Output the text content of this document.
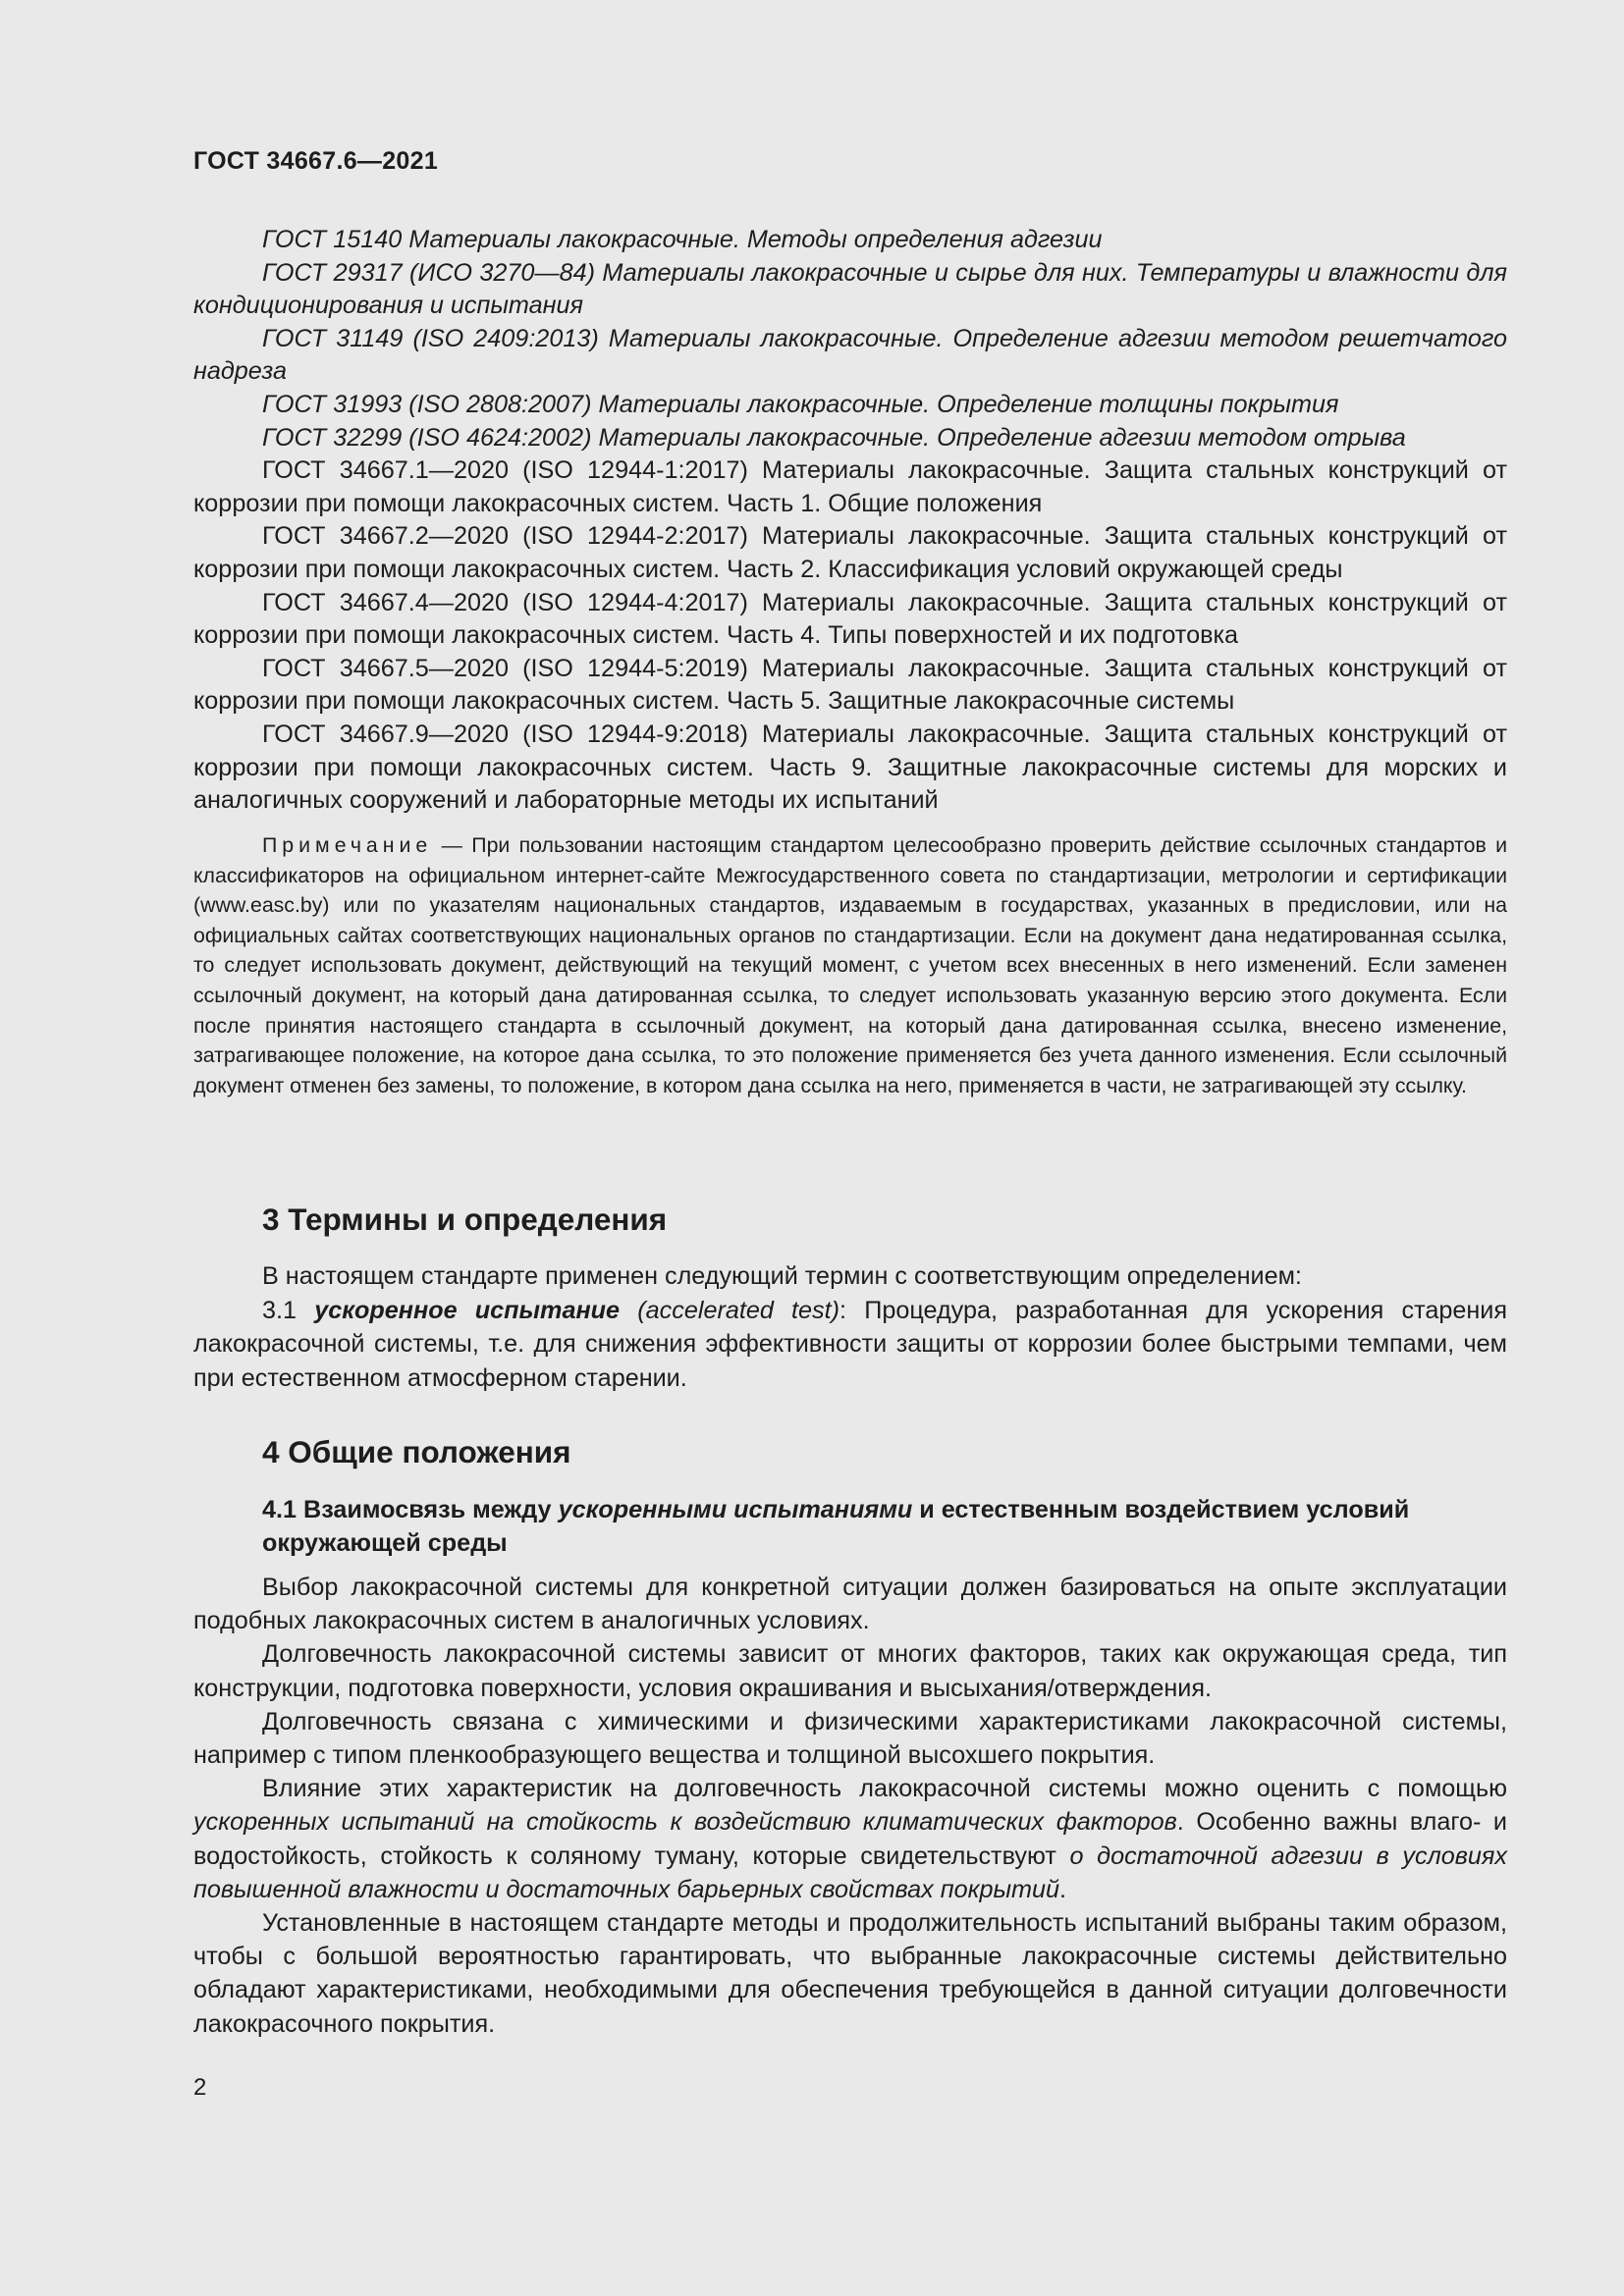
ГОСТ 34667.6—2021

ГОСТ 15140 Материалы лакокрасочные. Методы определения адгезии

ГОСТ 29317 (ИСО 3270—84) Материалы лакокрасочные и сырье для них. Температуры и влажности для кондиционирования и испытания

ГОСТ 31149 (ISO 2409:2013) Материалы лакокрасочные. Определение адгезии методом решетчатого надреза

ГОСТ 31993 (ISO 2808:2007) Материалы лакокрасочные. Определение толщины покрытия

ГОСТ 32299 (ISO 4624:2002) Материалы лакокрасочные. Определение адгезии методом отрыва

ГОСТ 34667.1—2020 (ISO 12944-1:2017) Материалы лакокрасочные. Защита стальных конструкций от коррозии при помощи лакокрасочных систем. Часть 1. Общие положения

ГОСТ 34667.2—2020 (ISO 12944-2:2017) Материалы лакокрасочные. Защита стальных конструкций от коррозии при помощи лакокрасочных систем. Часть 2. Классификация условий окружающей среды

ГОСТ 34667.4—2020 (ISO 12944-4:2017) Материалы лакокрасочные. Защита стальных конструкций от коррозии при помощи лакокрасочных систем. Часть 4. Типы поверхностей и их подготовка

ГОСТ 34667.5—2020 (ISO 12944-5:2019) Материалы лакокрасочные. Защита стальных конструкций от коррозии при помощи лакокрасочных систем. Часть 5. Защитные лакокрасочные системы

ГОСТ 34667.9—2020 (ISO 12944-9:2018) Материалы лакокрасочные. Защита стальных конструкций от коррозии при помощи лакокрасочных систем. Часть 9. Защитные лакокрасочные системы для морских и аналогичных сооружений и лабораторные методы их испытаний

Примечание — При пользовании настоящим стандартом целесообразно проверить действие ссылочных стандартов и классификаторов на официальном интернет-сайте Межгосударственного совета по стандартизации, метрологии и сертификации (www.easc.by) или по указателям национальных стандартов, издаваемым в государствах, указанных в предисловии, или на официальных сайтах соответствующих национальных органов по стандартизации. Если на документ дана недатированная ссылка, то следует использовать документ, действующий на текущий момент, с учетом всех внесенных в него изменений. Если заменен ссылочный документ, на который дана датированная ссылка, то следует использовать указанную версию этого документа. Если после принятия настоящего стандарта в ссылочный документ, на который дана датированная ссылка, внесено изменение, затрагивающее положение, на которое дана ссылка, то это положение применяется без учета данного изменения. Если ссылочный документ отменен без замены, то положение, в котором дана ссылка на него, применяется в части, не затрагивающей эту ссылку.

3 Термины и определения

В настоящем стандарте применен следующий термин с соответствующим определением:

3.1 ускоренное испытание (accelerated test): Процедура, разработанная для ускорения старения лакокрасочной системы, т.е. для снижения эффективности защиты от коррозии более быстрыми темпами, чем при естественном атмосферном старении.

4 Общие положения
4.1 Взаимосвязь между ускоренными испытаниями и естественным воздействием условий окружающей среды

Выбор лакокрасочной системы для конкретной ситуации должен базироваться на опыте эксплуатации подобных лакокрасочных систем в аналогичных условиях.

Долговечность лакокрасочной системы зависит от многих факторов, таких как окружающая среда, тип конструкции, подготовка поверхности, условия окрашивания и высыхания/отверждения.

Долговечность связана с химическими и физическими характеристиками лакокрасочной системы, например с типом пленкообразующего вещества и толщиной высохшего покрытия.

Влияние этих характеристик на долговечность лакокрасочной системы можно оценить с помощью ускоренных испытаний на стойкость к воздействию климатических факторов. Особенно важны влаго- и водостойкость, стойкость к соляному туману, которые свидетельствуют о достаточной адгезии в условиях повышенной влажности и достаточных барьерных свойствах покрытий.

Установленные в настоящем стандарте методы и продолжительность испытаний выбраны таким образом, чтобы с большой вероятностью гарантировать, что выбранные лакокрасочные системы действительно обладают характеристиками, необходимыми для обеспечения требующейся в данной ситуации долговечности лакокрасочного покрытия.

2
